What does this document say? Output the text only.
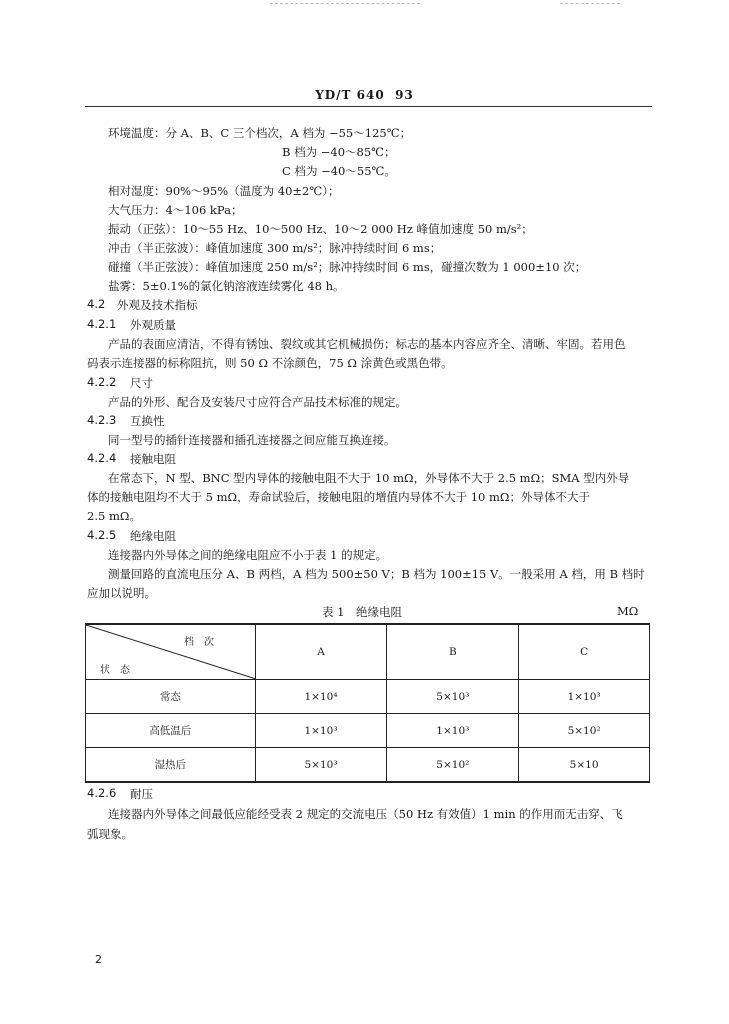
YD/T 640  93
环境温度：分 A、B、C 三个档次，A 档为 −55～125℃；
B 档为 −40～85℃；
C 档为 −40～55℃。
相对湿度：90%～95%（温度为 40±2℃）；
大气压力：4～106 kPa；
振动（正弦）：10～55 Hz、10～500 Hz、10～2 000 Hz 峰值加速度 50 m/s²；
冲击（半正弦波）：峰值加速度 300 m/s²；脉冲持续时间 6 ms；
碰撞（半正弦波）：峰值加速度 250 m/s²；脉冲持续时间 6 ms，碰撞次数为 1 000±10 次；
盐雾：5±0.1%的氯化钠溶液连续雾化 48 h。
4.2 外观及技术指标
4.2.1 外观质量
产品的表面应清洁，不得有锈蚀、裂纹或其它机械损伤；标志的基本内容应齐全、清晰、牢固。若用色
码表示连接器的标称阻抗，则 50 Ω 不涂颜色，75 Ω 涂黄色或黑色带。
4.2.2 尺寸
产品的外形、配合及安装尺寸应符合产品技术标准的规定。
4.2.3 互换性
同一型号的插针连接器和插孔连接器之间应能互换连接。
4.2.4 接触电阻
在常态下，N 型、BNC 型内导体的接触电阻不大于 10 mΩ，外导体不大于 2.5 mΩ；SMA 型内外导
体的接触电阻均不大于 5 mΩ，寿命试验后，接触电阻的增值内导体不大于 10 mΩ；外导体不大于
2.5 mΩ。
4.2.5 绝缘电阻
连接器内外导体之间的绝缘电阻应不小于表 1 的规定。
测量回路的直流电压分 A、B 两档，A 档为 500±50 V；B 档为 100±15 V。一般采用 A 档，用 B 档时
应加以说明。
表 1　绝缘电阻	MΩ
档　次
状　态	A	B	C
常态	1×10⁴	5×10³	1×10³
高低温后	1×10³	1×10³	5×10²
湿热后	5×10³	5×10²	5×10
4.2.6 耐压
连接器内外导体之间最低应能经受表 2 规定的交流电压（50 Hz 有效值）1 min 的作用而无击穿、飞
弧现象。
2
